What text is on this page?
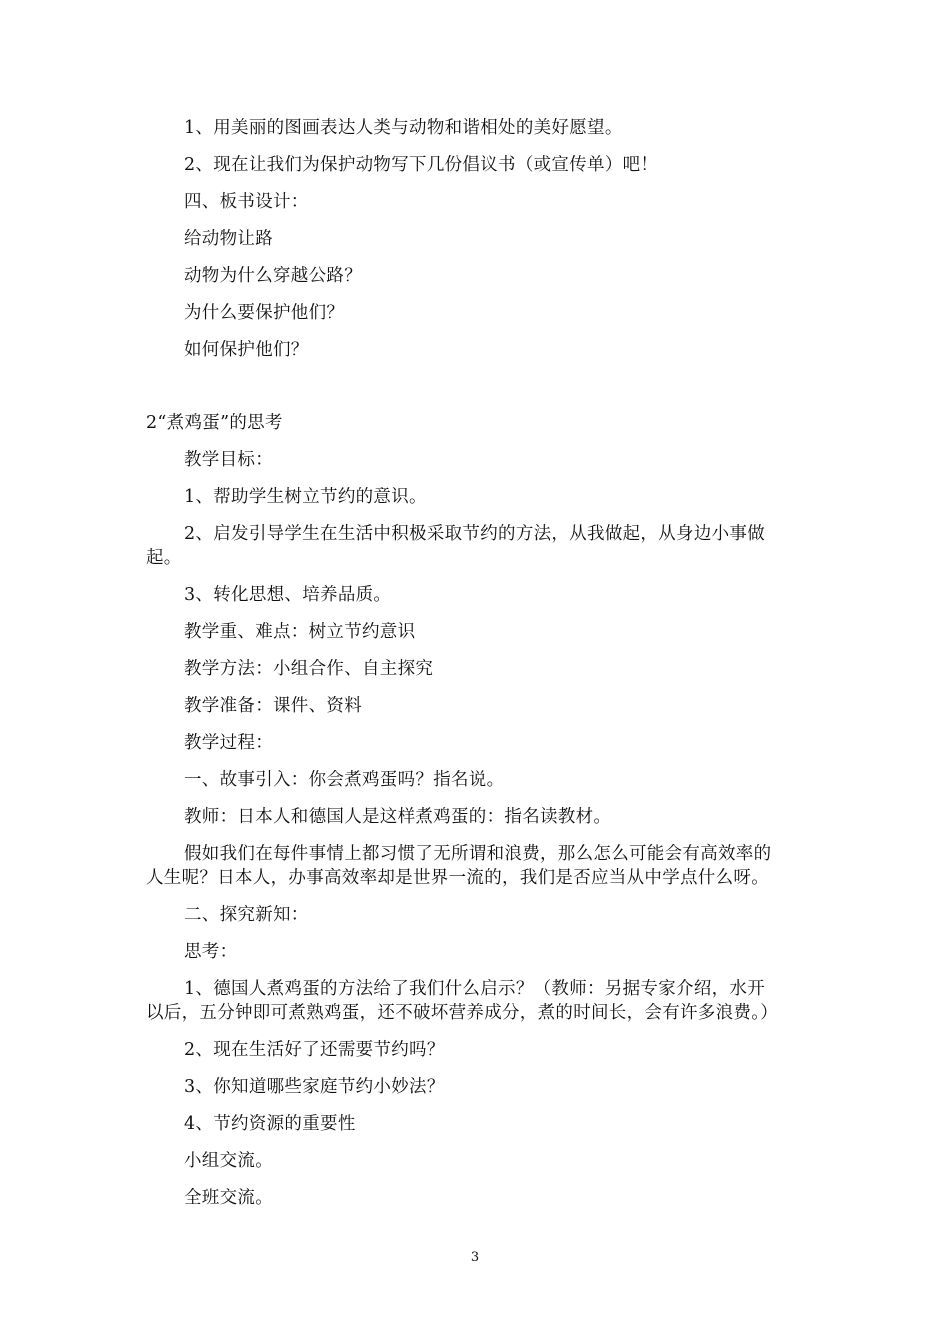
1、用美丽的图画表达人类与动物和谐相处的美好愿望。
2、现在让我们为保护动物写下几份倡议书（或宣传单）吧！
四、板书设计：
给动物让路
动物为什么穿越公路？
为什么要保护他们？
如何保护他们？
2“煮鸡蛋”的思考
教学目标：
1、帮助学生树立节约的意识。
2、启发引导学生在生活中积极采取节约的方法，从我做起，从身边小事做
起。
3、转化思想、培养品质。
教学重、难点：树立节约意识
教学方法：小组合作、自主探究
教学准备：课件、资料
教学过程：
一、故事引入：你会煮鸡蛋吗？指名说。
教师：日本人和德国人是这样煮鸡蛋的：指名读教材。
假如我们在每件事情上都习惯了无所谓和浪费，那么怎么可能会有高效率的
人生呢？日本人，办事高效率却是世界一流的，我们是否应当从中学点什么呀。
二、探究新知：
思考：
1、德国人煮鸡蛋的方法给了我们什么启示？（教师：另据专家介绍，水开
以后，五分钟即可煮熟鸡蛋，还不破坏营养成分，煮的时间长，会有许多浪费。）
2、现在生活好了还需要节约吗？
3、你知道哪些家庭节约小妙法？
4、节约资源的重要性
小组交流。
全班交流。
3
